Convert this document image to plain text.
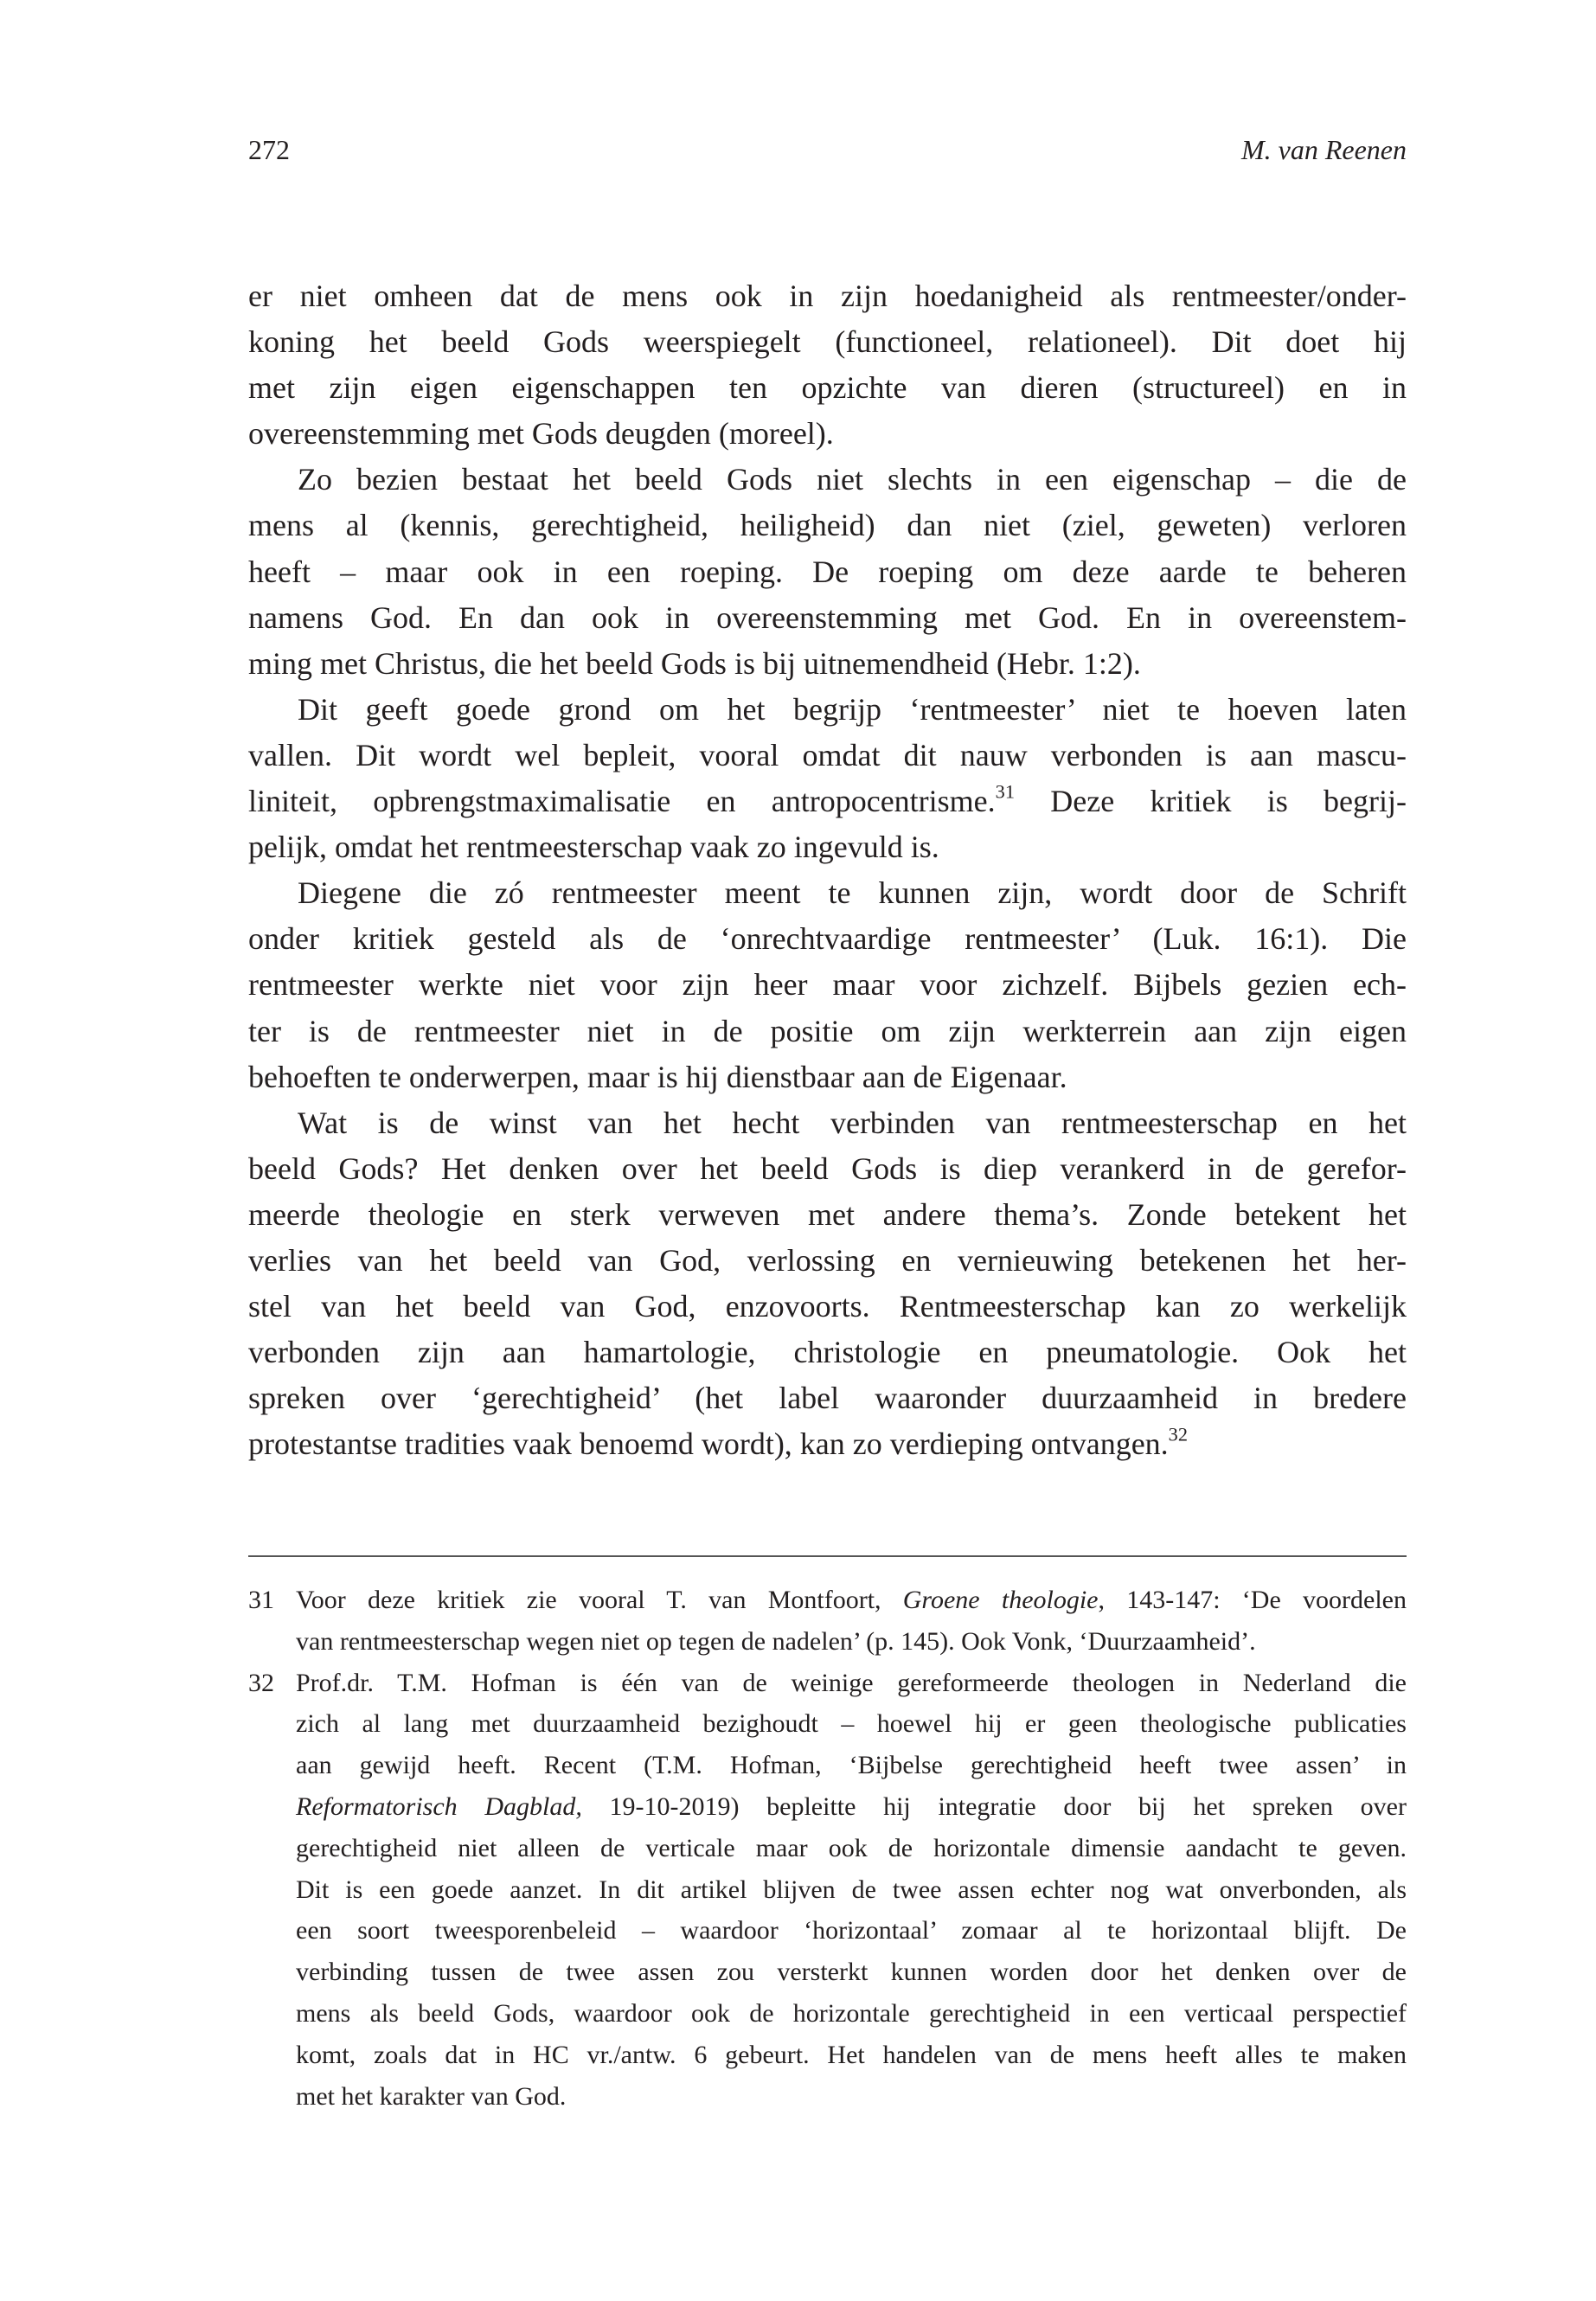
272	M. van Reenen
er niet omheen dat de mens ook in zijn hoedanigheid als rentmeester/onder-
koning het beeld Gods weerspiegelt (functioneel, relationeel). Dit doet hij
met zijn eigen eigenschappen ten opzichte van dieren (structureel) en in
overeenstemming met Gods deugden (moreel).
Zo bezien bestaat het beeld Gods niet slechts in een eigenschap – die de
mens al (kennis, gerechtigheid, heiligheid) dan niet (ziel, geweten) verloren
heeft – maar ook in een roeping. De roeping om deze aarde te beheren
namens God. En dan ook in overeenstemming met God. En in overeenstem-
ming met Christus, die het beeld Gods is bij uitnemendheid (Hebr. 1:2).
Dit geeft goede grond om het begrijp ‘rentmeester’ niet te hoeven laten
vallen. Dit wordt wel bepleit, vooral omdat dit nauw verbonden is aan mascu-
liniteit, opbrengstmaximalisatie en antropocentrisme.$^{31}$ Deze kritiek is begrij-
pelijk, omdat het rentmeesterschap vaak zo ingevuld is.
Diegene die zó rentmeester meent te kunnen zijn, wordt door de Schrift
onder kritiek gesteld als de ‘onrechtvaardige rentmeester’ (Luk. 16:1). Die
rentmeester werkte niet voor zijn heer maar voor zichzelf. Bijbels gezien ech-
ter is de rentmeester niet in de positie om zijn werkterrein aan zijn eigen
behoeften te onderwerpen, maar is hij dienstbaar aan de Eigenaar.
Wat is de winst van het hecht verbinden van rentmeesterschap en het
beeld Gods? Het denken over het beeld Gods is diep verankerd in de gerefor-
meerde theologie en sterk verweven met andere thema’s. Zonde betekent het
verlies van het beeld van God, verlossing en vernieuwing betekenen het her-
stel van het beeld van God, enzovoorts. Rentmeesterschap kan zo werkelijk
verbonden zijn aan hamartologie, christologie en pneumatologie. Ook het
spreken over ‘gerechtigheid’ (het label waaronder duurzaamheid in bredere
protestantse tradities vaak benoemd wordt), kan zo verdieping ontvangen.$^{32}$
31 Voor deze kritiek zie vooral T. van Montfoort, Groene theologie, 143-147: ‘De voordelen
van rentmeesterschap wegen niet op tegen de nadelen’ (p. 145). Ook Vonk, ‘Duurzaamheid’.
32 Prof.dr. T.M. Hofman is één van de weinige gereformeerde theologen in Nederland die
zich al lang met duurzaamheid bezighoudt – hoewel hij er geen theologische publicaties
aan gewijd heeft. Recent (T.M. Hofman, ‘Bijbelse gerechtigheid heeft twee assen’ in
Reformatorisch Dagblad, 19-10-2019) bepleitte hij integratie door bij het spreken over
gerechtigheid niet alleen de verticale maar ook de horizontale dimensie aandacht te geven.
Dit is een goede aanzet. In dit artikel blijven de twee assen echter nog wat onverbonden, als
een soort tweesporenbeleid – waardoor ‘horizontaal’ zomaar al te horizontaal blijft. De
verbinding tussen de twee assen zou versterkt kunnen worden door het denken over de
mens als beeld Gods, waardoor ook de horizontale gerechtigheid in een verticaal perspectief
komt, zoals dat in HC vr./antw. 6 gebeurt. Het handelen van de mens heeft alles te maken
met het karakter van God.
